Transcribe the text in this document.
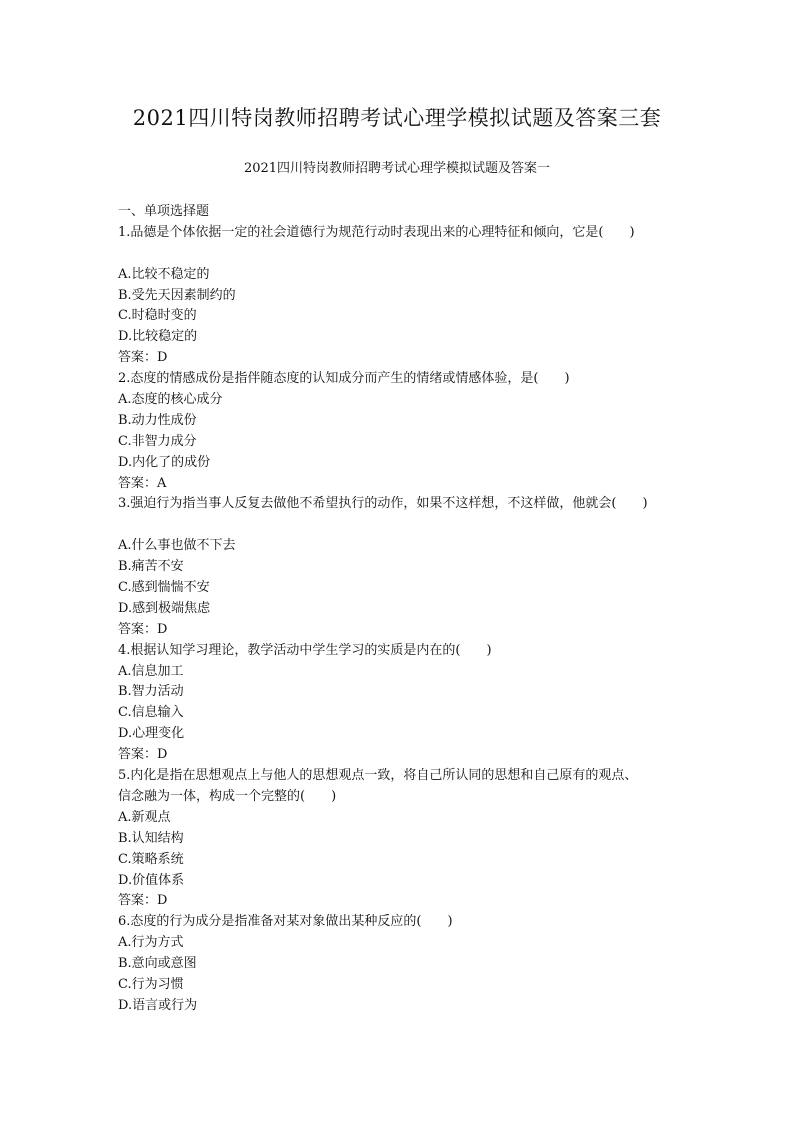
2021四川特岗教师招聘考试心理学模拟试题及答案三套
2021四川特岗教师招聘考试心理学模拟试题及答案一
一、单项选择题
1.品德是个体依据一定的社会道德行为规范行动时表现出来的心理特征和倾向，它是(　　)
A.比较不稳定的
B.受先天因素制约的
C.时稳时变的
D.比较稳定的
答案：D
2.态度的情感成份是指伴随态度的认知成分而产生的情绪或情感体验，是(　　)
A.态度的核心成分
B.动力性成份
C.非智力成分
D.内化了的成份
答案：A
3.强迫行为指当事人反复去做他不希望执行的动作，如果不这样想，不这样做，他就会(　　)
A.什么事也做不下去
B.痛苦不安
C.感到惴惴不安
D.感到极端焦虑
答案：D
4.根据认知学习理论，教学活动中学生学习的实质是内在的(　　)
A.信息加工
B.智力活动
C.信息输入
D.心理变化
答案：D
5.内化是指在思想观点上与他人的思想观点一致，将自己所认同的思想和自己原有的观点、
信念融为一体，构成一个完整的(　　)
A.新观点
B.认知结构
C.策略系统
D.价值体系
答案：D
6.态度的行为成分是指准备对某对象做出某种反应的(　　)
A.行为方式
B.意向或意图
C.行为习惯
D.语言或行为
